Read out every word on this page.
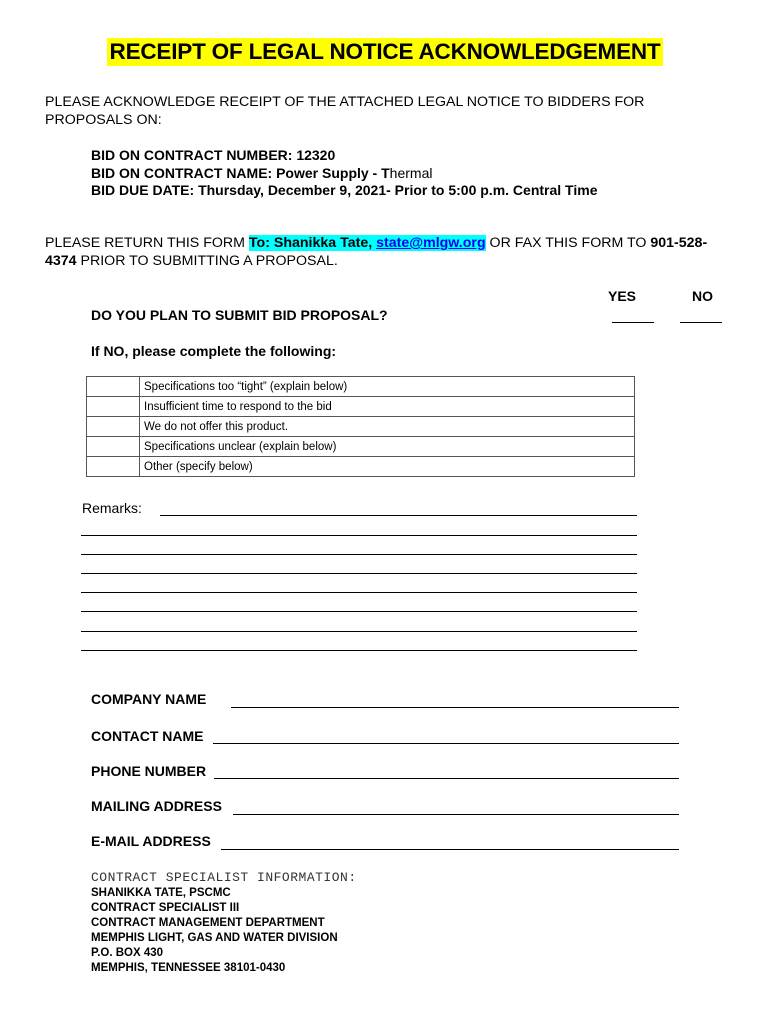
RECEIPT OF LEGAL NOTICE ACKNOWLEDGEMENT
PLEASE ACKNOWLEDGE RECEIPT OF THE ATTACHED LEGAL NOTICE TO BIDDERS FOR PROPOSALS ON:
BID ON CONTRACT NUMBER: 12320
BID ON CONTRACT NAME: Power Supply - Thermal
BID DUE DATE: Thursday, December 9, 2021- Prior to 5:00 p.m. Central Time
PLEASE RETURN THIS FORM To: Shanikka Tate, state@mlgw.org OR FAX THIS FORM TO 901-528-4374 PRIOR TO SUBMITTING A PROPOSAL.
YES	NO
DO YOU PLAN TO SUBMIT BID PROPOSAL?
If NO, please complete the following:
	Specifications too “tight” (explain below)
	Insufficient time to respond to the bid
	We do not offer this product.
	Specifications unclear (explain below)
	Other (specify below)
Remarks:
COMPANY NAME
CONTACT NAME
PHONE NUMBER
MAILING ADDRESS
E-MAIL ADDRESS
CONTRACT SPECIALIST INFORMATION:
SHANIKKA TATE, PSCMC
CONTRACT SPECIALIST III
CONTRACT MANAGEMENT DEPARTMENT
MEMPHIS LIGHT, GAS AND WATER DIVISION
P.O. BOX 430
MEMPHIS, TENNESSEE 38101-0430
